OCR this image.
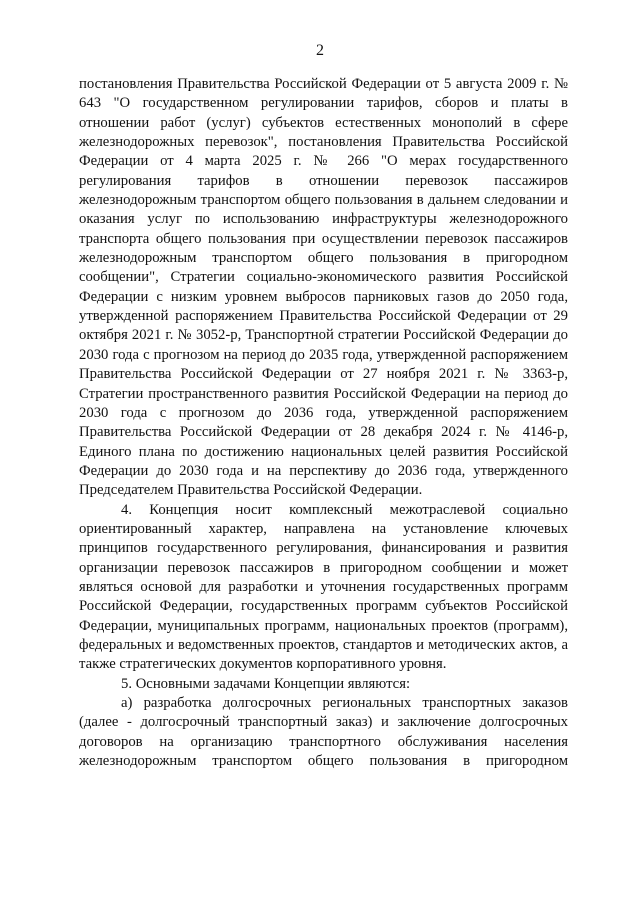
2

постановления Правительства Российской Федерации от 5 августа 2009 г. № 643 "О государственном регулировании тарифов, сборов и платы в отношении работ (услуг) субъектов естественных монополий в сфере железнодорожных перевозок", постановления Правительства Российской Федерации от 4 марта 2025 г. № 266 "О мерах государственного регулирования тарифов в отношении перевозок пассажиров железнодорожным транспортом общего пользования в дальнем следовании и оказания услуг по использованию инфраструктуры железнодорожного транспорта общего пользования при осуществлении перевозок пассажиров железнодорожным транспортом общего пользования в пригородном сообщении", Стратегии социально-экономического развития Российской Федерации с низким уровнем выбросов парниковых газов до 2050 года, утвержденной распоряжением Правительства Российской Федерации от 29 октября 2021 г. № 3052-р, Транспортной стратегии Российской Федерации до 2030 года с прогнозом на период до 2035 года, утвержденной распоряжением Правительства Российской Федерации от 27 ноября 2021 г. № 3363-р, Стратегии пространственного развития Российской Федерации на период до 2030 года с прогнозом до 2036 года, утвержденной распоряжением Правительства Российской Федерации от 28 декабря 2024 г. № 4146-р, Единого плана по достижению национальных целей развития Российской Федерации до 2030 года и на перспективу до 2036 года, утвержденного Председателем Правительства Российской Федерации.

4. Концепция носит комплексный межотраслевой социально ориентированный характер, направлена на установление ключевых принципов государственного регулирования, финансирования и развития организации перевозок пассажиров в пригородном сообщении и может являться основой для разработки и уточнения государственных программ Российской Федерации, государственных программ субъектов Российской Федерации, муниципальных программ, национальных проектов (программ), федеральных и ведомственных проектов, стандартов и методических актов, а также стратегических документов корпоративного уровня.

5. Основными задачами Концепции являются:

а) разработка долгосрочных региональных транспортных заказов (далее - долгосрочный транспортный заказ) и заключение долгосрочных договоров на организацию транспортного обслуживания населения железнодорожным транспортом общего пользования в пригородном
